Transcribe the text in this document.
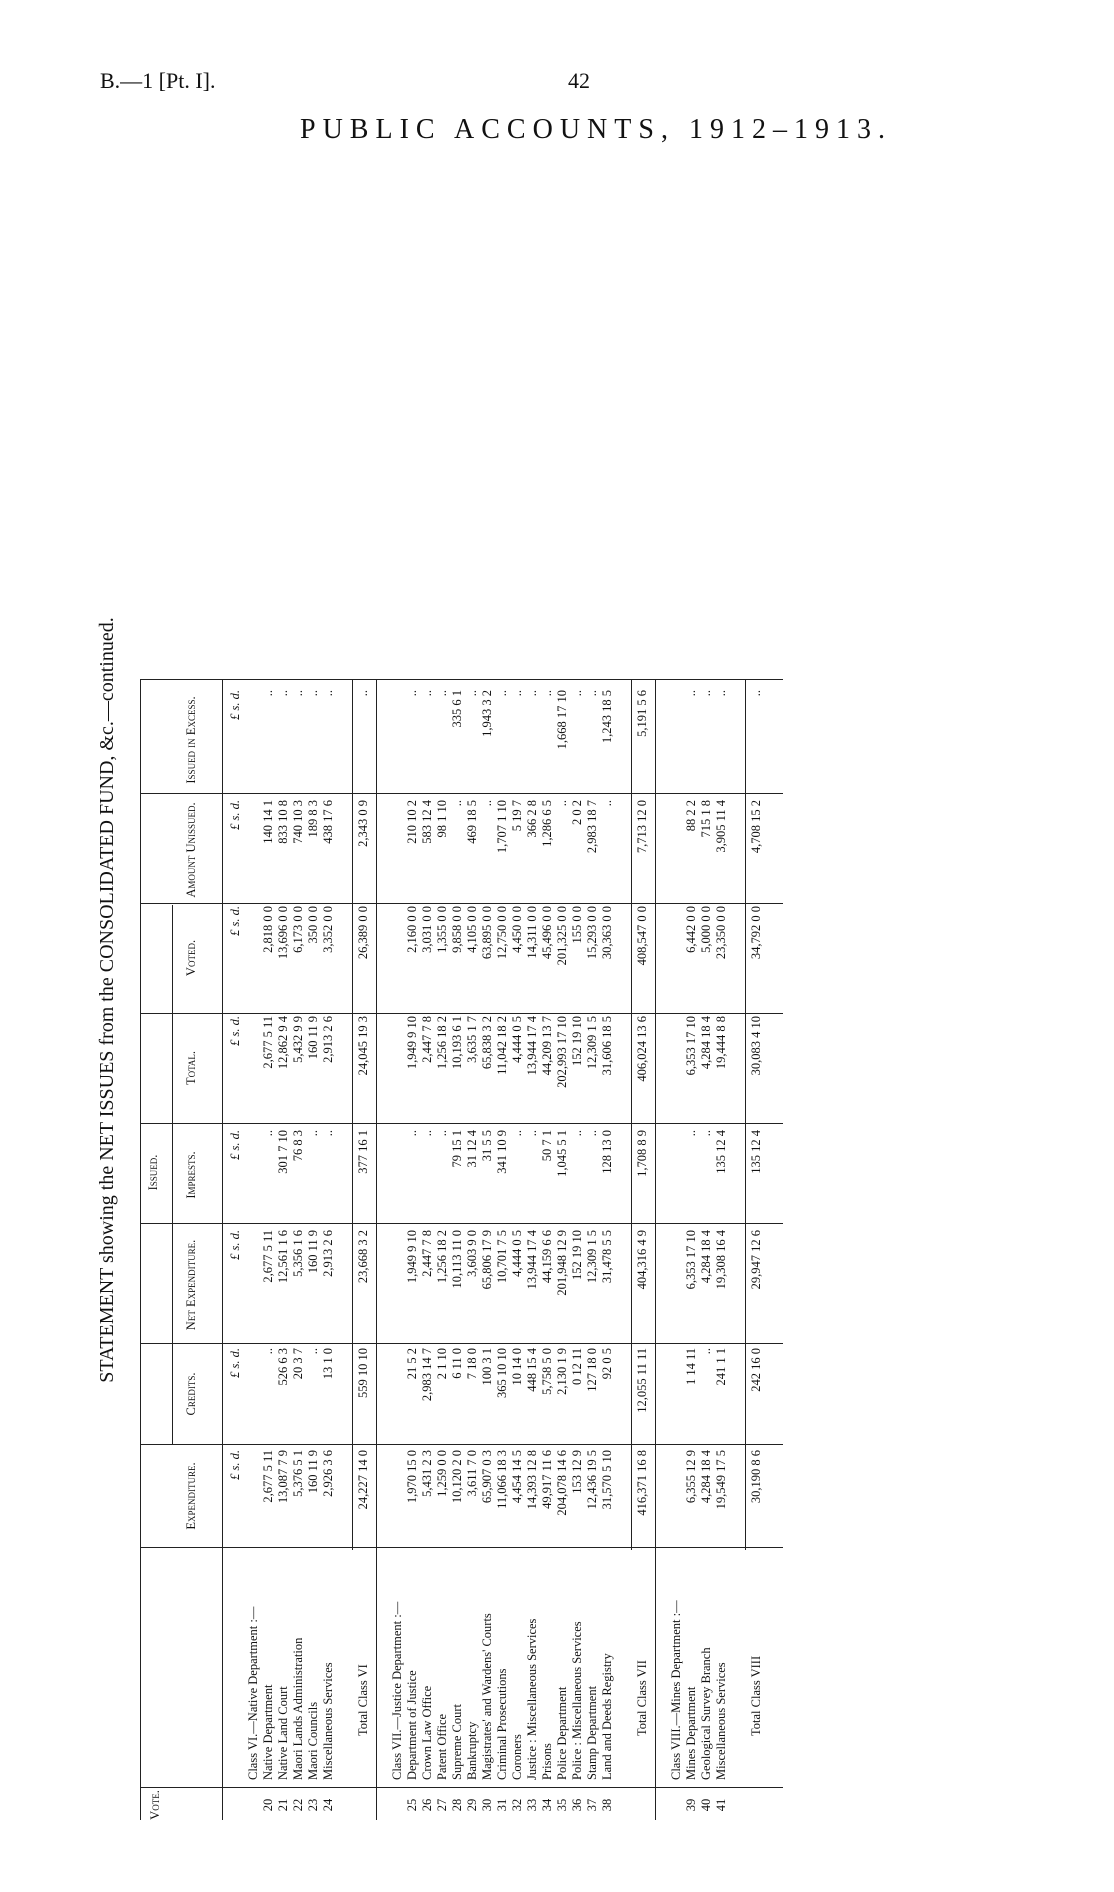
B.—1 [Pt. I].	42
PUBLIC ACCOUNTS, 1912–1913.
STATEMENT showing the NET ISSUES from the CONSOLIDATED FUND, &c.—continued.
Vote.
Issued.
Expenditure.
Credits.
Net Expenditure.
Imprests.
Total.
Voted.
Amount Unissued.
Issued in Excess.
£ s. d.
£ s. d.
£ s. d.
£ s. d.
£ s. d.
£ s. d.
£ s. d.
£ s. d.
Class VI.—Native Department :—
20
Native Department
2,677 5 11
..
2,677 5 11
..
2,677 5 11
2,818 0 0
140 14 1
..
21
Native Land Court
13,087 7 9
526 6 3
12,561 1 6
301 7 10
12,862 9 4
13,696 0 0
833 10 8
..
22
Maori Lands Administration
5,376 5 1
20 3 7
5,356 1 6
76 8 3
5,432 9 9
6,173 0 0
740 10 3
..
23
Maori Councils
160 11 9
..
160 11 9
..
160 11 9
350 0 0
189 8 3
..
24
Miscellaneous Services
2,926 3 6
13 1 0
2,913 2 6
..
2,913 2 6
3,352 0 0
438 17 6
..
Total Class VI
24,227 14 0
559 10 10
23,668 3 2
377 16 1
24,045 19 3
26,389 0 0
2,343 0 9
..
Class VII.—Justice Department :—
25
Department of Justice
1,970 15 0
21 5 2
1,949 9 10
..
1,949 9 10
2,160 0 0
210 10 2
..
26
Crown Law Office
5,431 2 3
2,983 14 7
2,447 7 8
..
2,447 7 8
3,031 0 0
583 12 4
..
27
Patent Office
1,259 0 0
2 1 10
1,256 18 2
..
1,256 18 2
1,355 0 0
98 1 10
..
28
Supreme Court
10,120 2 0
6 11 0
10,113 11 0
79 15 1
10,193 6 1
9,858 0 0
..
335 6 1
29
Bankruptcy
3,611 7 0
7 18 0
3,603 9 0
31 12 4
3,635 1 7
4,105 0 0
469 18 5
..
30
Magistrates' and Wardens' Courts
65,907 0 3
100 3 1
65,806 17 9
31 5 5
65,838 3 2
63,895 0 0
..
1,943 3 2
31
Criminal Prosecutions
11,066 18 3
365 10 10
10,701 7 5
341 10 9
11,042 18 2
12,750 0 0
1,707 1 10
..
32
Coroners
4,454 14 5
10 14 0
4,444 0 5
..
4,444 0 5
4,450 0 0
5 19 7
..
33
Justice : Miscellaneous Services
14,393 12 8
448 15 4
13,944 17 4
..
13,944 17 4
14,311 0 0
366 2 8
..
34
Prisons
49,917 11 6
5,758 5 0
44,159 6 6
50 7 1
44,209 13 7
45,496 0 0
1,286 6 5
..
35
Police Department
204,078 14 6
2,130 1 9
201,948 12 9
1,045 5 1
202,993 17 10
201,325 0 0
..
1,668 17 10
36
Police : Miscellaneous Services
153 12 9
0 12 11
152 19 10
..
152 19 10
155 0 0
2 0 2
..
37
Stamp Department
12,436 19 5
127 18 0
12,309 1 5
..
12,309 1 5
15,293 0 0
2,983 18 7
..
38
Land and Deeds Registry
31,570 5 10
92 0 5
31,478 5 5
128 13 0
31,606 18 5
30,363 0 0
..
1,243 18 5
Total Class VII
416,371 16 8
12,055 11 11
404,316 4 9
1,708 8 9
406,024 13 6
408,547 0 0
7,713 12 0
5,191 5 6
Class VIII.—Mines Department :—
39
Mines Department
6,355 12 9
1 14 11
6,353 17 10
..
6,353 17 10
6,442 0 0
88 2 2
..
40
Geological Survey Branch
4,284 18 4
..
4,284 18 4
..
4,284 18 4
5,000 0 0
715 1 8
..
41
Miscellaneous Services
19,549 17 5
241 1 1
19,308 16 4
135 12 4
19,444 8 8
23,350 0 0
3,905 11 4
..
Total Class VIII
30,190 8 6
242 16 0
29,947 12 6
135 12 4
30,083 4 10
34,792 0 0
4,708 15 2
..
